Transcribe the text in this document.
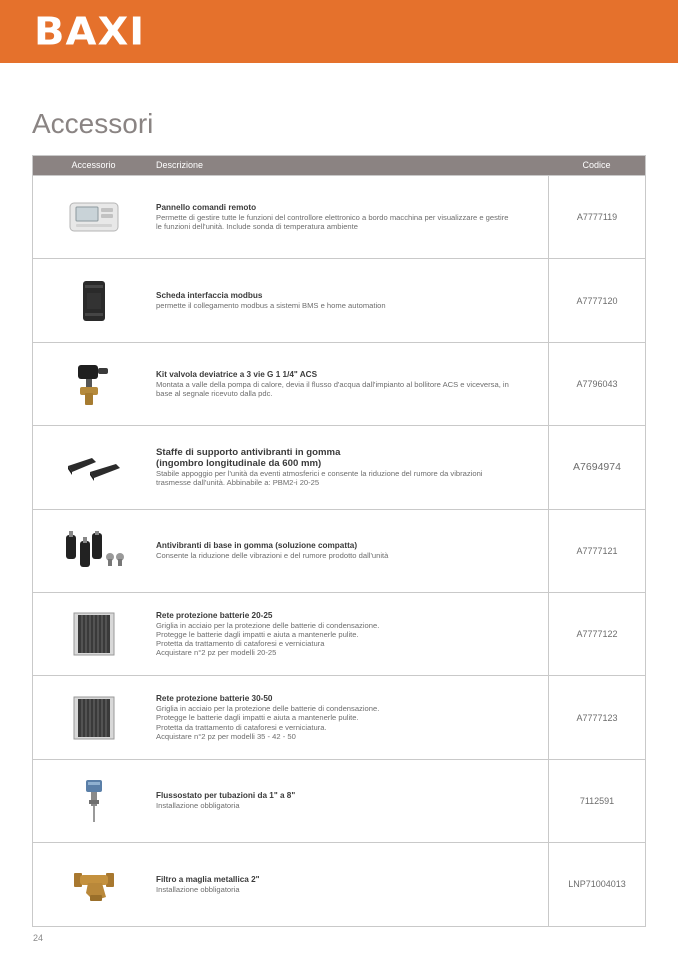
BAXI
Accessori
Accessorio	Descrizione	Codice
Pannello comandi remoto
Permette di gestire tutte le funzioni del controllore elettronico a bordo macchina per visualizzare e gestire
le funzioni dell'unità. Include sonda di temperatura ambiente
A7777119
Scheda interfaccia modbus
permette il collegamento modbus a sistemi BMS e home automation	A7777120
Kit valvola deviatrice a 3 vie G 1 1/4" ACS
Montata a valle della pompa di calore, devia il flusso d'acqua dall'impianto al bollitore ACS e viceversa, in
base al segnale ricevuto dalla pdc.
A7796043
Staffe di supporto antivibranti in gomma
(ingombro longitudinale da 600 mm)
Stabile appoggio per l'unità da eventi atmosferici e consente la riduzione del rumore da vibrazioni
trasmesse dall'unità. Abbinabile a: PBM2-i 20-25
A7694974
Antivibranti di base in gomma (soluzione compatta)
Consente la riduzione delle vibrazioni e del rumore prodotto dall'unità	A7777121
Rete protezione batterie 20-25
Griglia in acciaio per la protezione delle batterie di condensazione.
Protegge le batterie dagli impatti e aiuta a mantenerle pulite.
Protetta da trattamento di cataforesi e verniciatura
Acquistare n°2 pz per modelli 20-25
A7777122
Rete protezione batterie 30-50
Griglia in acciaio per la protezione delle batterie di condensazione.
Protegge le batterie dagli impatti e aiuta a mantenerle pulite.
Protetta da trattamento di cataforesi e verniciatura.
Acquistare n°2 pz per modelli 35 - 42 - 50
A7777123
Flussostato per tubazioni da 1" a 8"
Installazione obbligatoria	7112591
Filtro a maglia metallica 2"
Installazione obbligatoria	LNP71004013
24
